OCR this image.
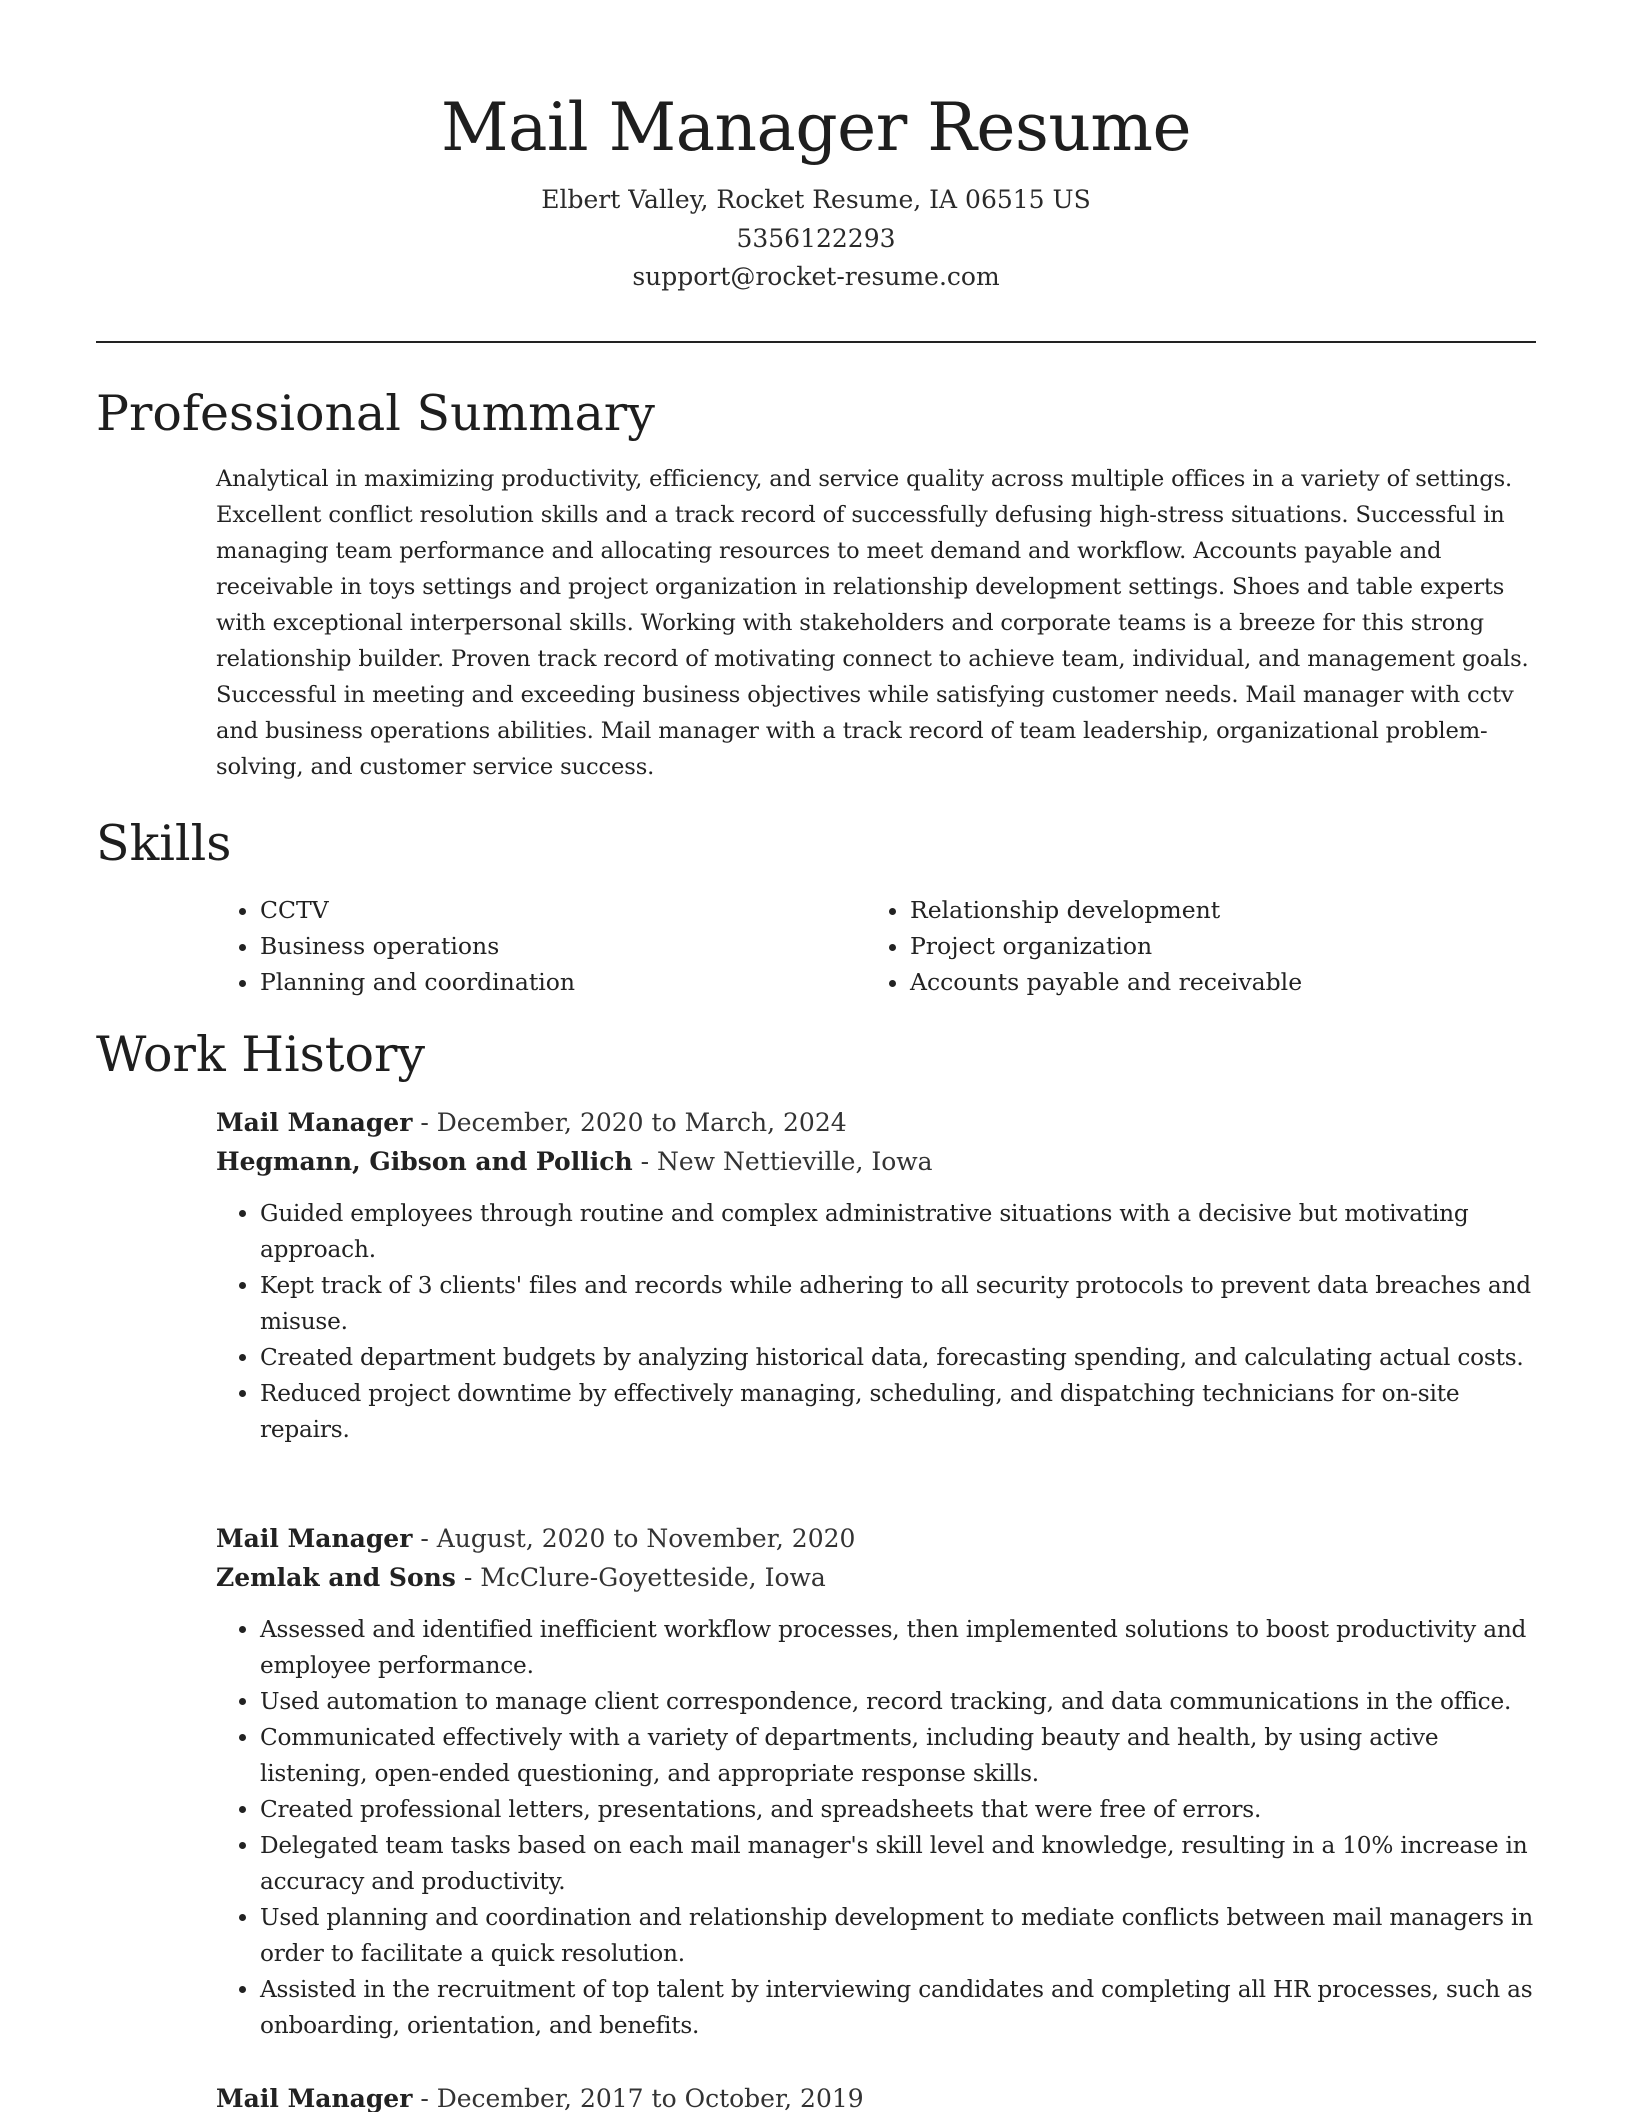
Mail Manager Resume
Elbert Valley, Rocket Resume, IA 06515 US
5356122293
support@rocket-resume.com
Professional Summary
Analytical in maximizing productivity, efficiency, and service quality across multiple offices in a variety of settings. Excellent conflict resolution skills and a track record of successfully defusing high-stress situations. Successful in managing team performance and allocating resources to meet demand and workflow. Accounts payable and receivable in toys settings and project organization in relationship development settings. Shoes and table experts with exceptional interpersonal skills. Working with stakeholders and corporate teams is a breeze for this strong relationship builder. Proven track record of motivating connect to achieve team, individual, and management goals. Successful in meeting and exceeding business objectives while satisfying customer needs. Mail manager with cctv and business operations abilities. Mail manager with a track record of team leadership, organizational problem-solving, and customer service success.
Skills
• CCTV
• Business operations
• Planning and coordination
• Relationship development
• Project organization
• Accounts payable and receivable
Work History
Mail Manager - December, 2020 to March, 2024
Hegmann, Gibson and Pollich - New Nettieville, Iowa
• Guided employees through routine and complex administrative situations with a decisive but motivating approach.
• Kept track of 3 clients' files and records while adhering to all security protocols to prevent data breaches and misuse.
• Created department budgets by analyzing historical data, forecasting spending, and calculating actual costs.
• Reduced project downtime by effectively managing, scheduling, and dispatching technicians for on-site repairs.
Mail Manager - August, 2020 to November, 2020
Zemlak and Sons - McClure-Goyetteside, Iowa
• Assessed and identified inefficient workflow processes, then implemented solutions to boost productivity and employee performance.
• Used automation to manage client correspondence, record tracking, and data communications in the office.
• Communicated effectively with a variety of departments, including beauty and health, by using active listening, open-ended questioning, and appropriate response skills.
• Created professional letters, presentations, and spreadsheets that were free of errors.
• Delegated team tasks based on each mail manager's skill level and knowledge, resulting in a 10% increase in accuracy and productivity.
• Used planning and coordination and relationship development to mediate conflicts between mail managers in order to facilitate a quick resolution.
• Assisted in the recruitment of top talent by interviewing candidates and completing all HR processes, such as onboarding, orientation, and benefits.
Mail Manager - December, 2017 to October, 2019
